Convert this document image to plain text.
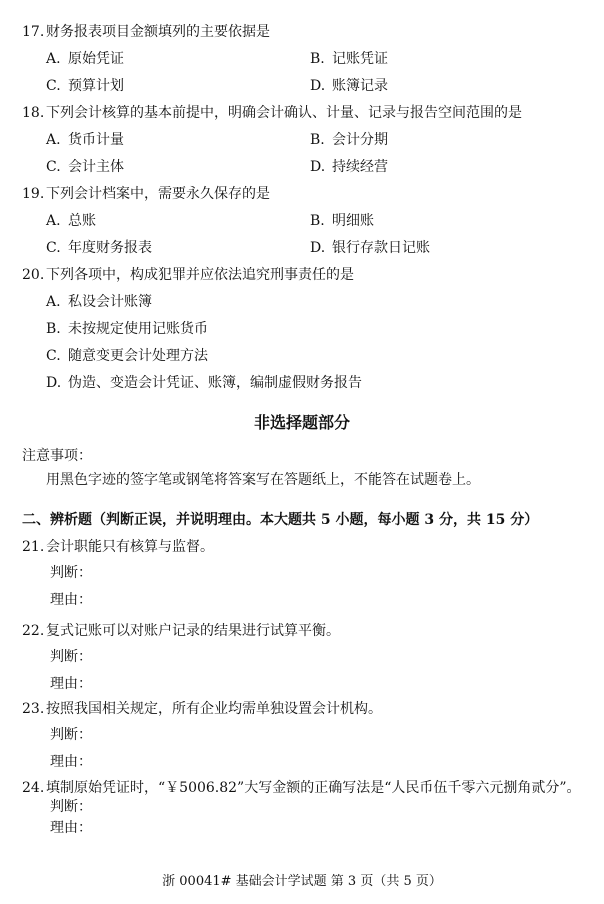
17. 财务报表项目金额填列的主要依据是
A. 原始凭证	B. 记账凭证
C. 预算计划	D. 账簿记录
18. 下列会计核算的基本前提中，明确会计确认、计量、记录与报告空间范围的是
A. 货币计量	B. 会计分期
C. 会计主体	D. 持续经营
19. 下列会计档案中，需要永久保存的是
A. 总账	B. 明细账
C. 年度财务报表	D. 银行存款日记账
20. 下列各项中，构成犯罪并应依法追究刑事责任的是
A. 私设会计账簿
B. 未按规定使用记账货币
C. 随意变更会计处理方法
D. 伪造、变造会计凭证、账簿，编制虚假财务报告
非选择题部分
注意事项：
用黑色字迹的签字笔或钢笔将答案写在答题纸上，不能答在试题卷上。
二、辨析题（判断正误，并说明理由。本大题共 5 小题，每小题 3 分，共 15 分）
21. 会计职能只有核算与监督。
判断：
理由：
22. 复式记账可以对账户记录的结果进行试算平衡。
判断：
理由：
23. 按照我国相关规定，所有企业均需单独设置会计机构。
判断：
理由：
24. 填制原始凭证时，“￥5006.82”大写金额的正确写法是“人民币伍千零六元捌角贰分”。
判断：
理由：
浙 00041# 基础会计学试题 第 3 页（共 5 页）
